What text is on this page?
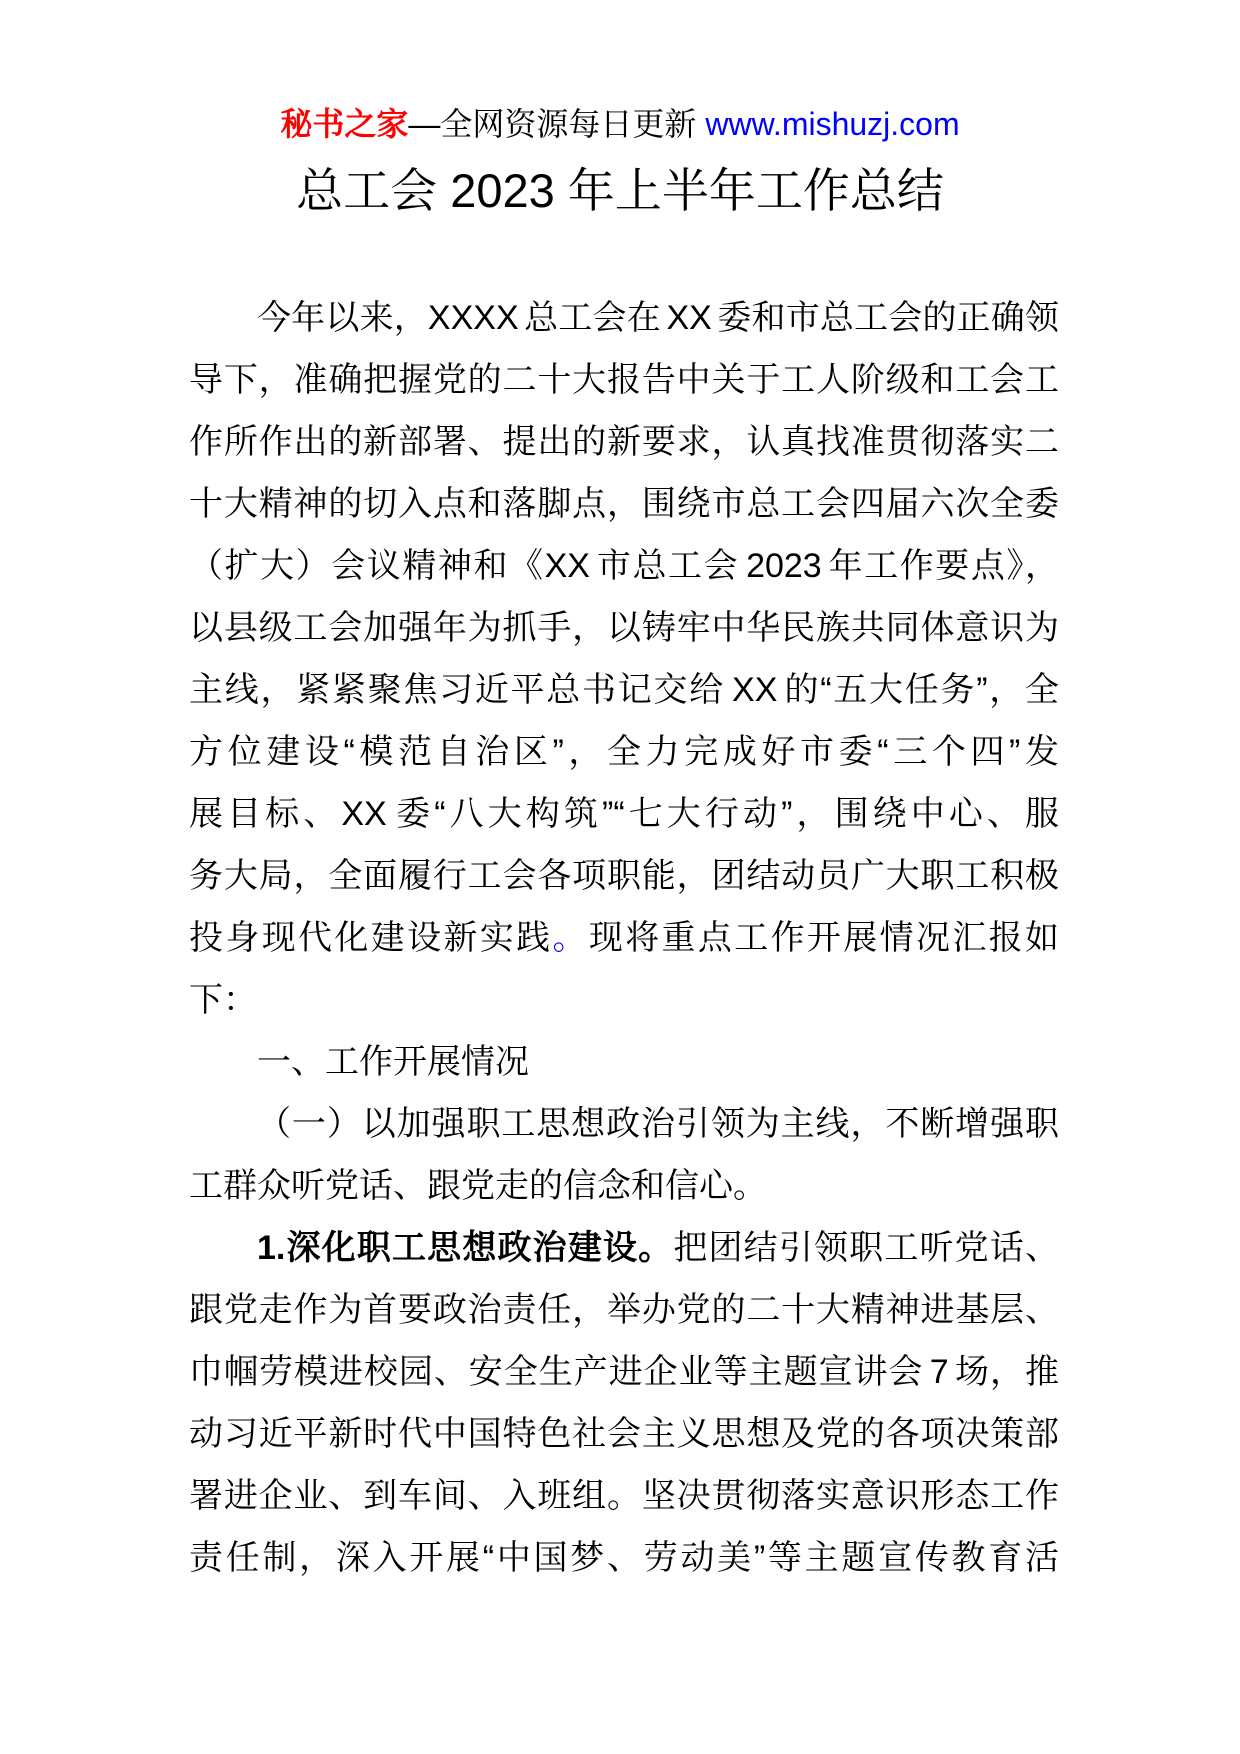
秘书之家—全网资源每日更新 www.mishuzj.com
总工会 2023 年上半年工作总结
今年以来，XXXX 总工会在 XX 委和市总工会的正确领
导下，准确把握党的二十大报告中关于工人阶级和工会工
作所作出的新部署、提出的新要求，认真找准贯彻落实二
十大精神的切入点和落脚点，围绕市总工会四届六次全委
（扩大）会议精神和《XX 市总工会 2023 年工作要点》，
以县级工会加强年为抓手，以铸牢中华民族共同体意识为
主线，紧紧聚焦习近平总书记交给 XX 的“五大任务”，全
方位建设“模范自治区”，全力完成好市委“三个四”发
展目标、XX 委“八大构筑”“七大行动”，围绕中心、服
务大局，全面履行工会各项职能，团结动员广大职工积极
投身现代化建设新实践。现将重点工作开展情况汇报如
下：
一、工作开展情况
（一）以加强职工思想政治引领为主线，不断增强职
工群众听党话、跟党走的信念和信心。
1.深化职工思想政治建设。把团结引领职工听党话、
跟党走作为首要政治责任，举办党的二十大精神进基层、
巾帼劳模进校园、安全生产进企业等主题宣讲会 7 场，推
动习近平新时代中国特色社会主义思想及党的各项决策部
署进企业、到车间、入班组。坚决贯彻落实意识形态工作
责任制，深入开展“中国梦、劳动美”等主题宣传教育活
